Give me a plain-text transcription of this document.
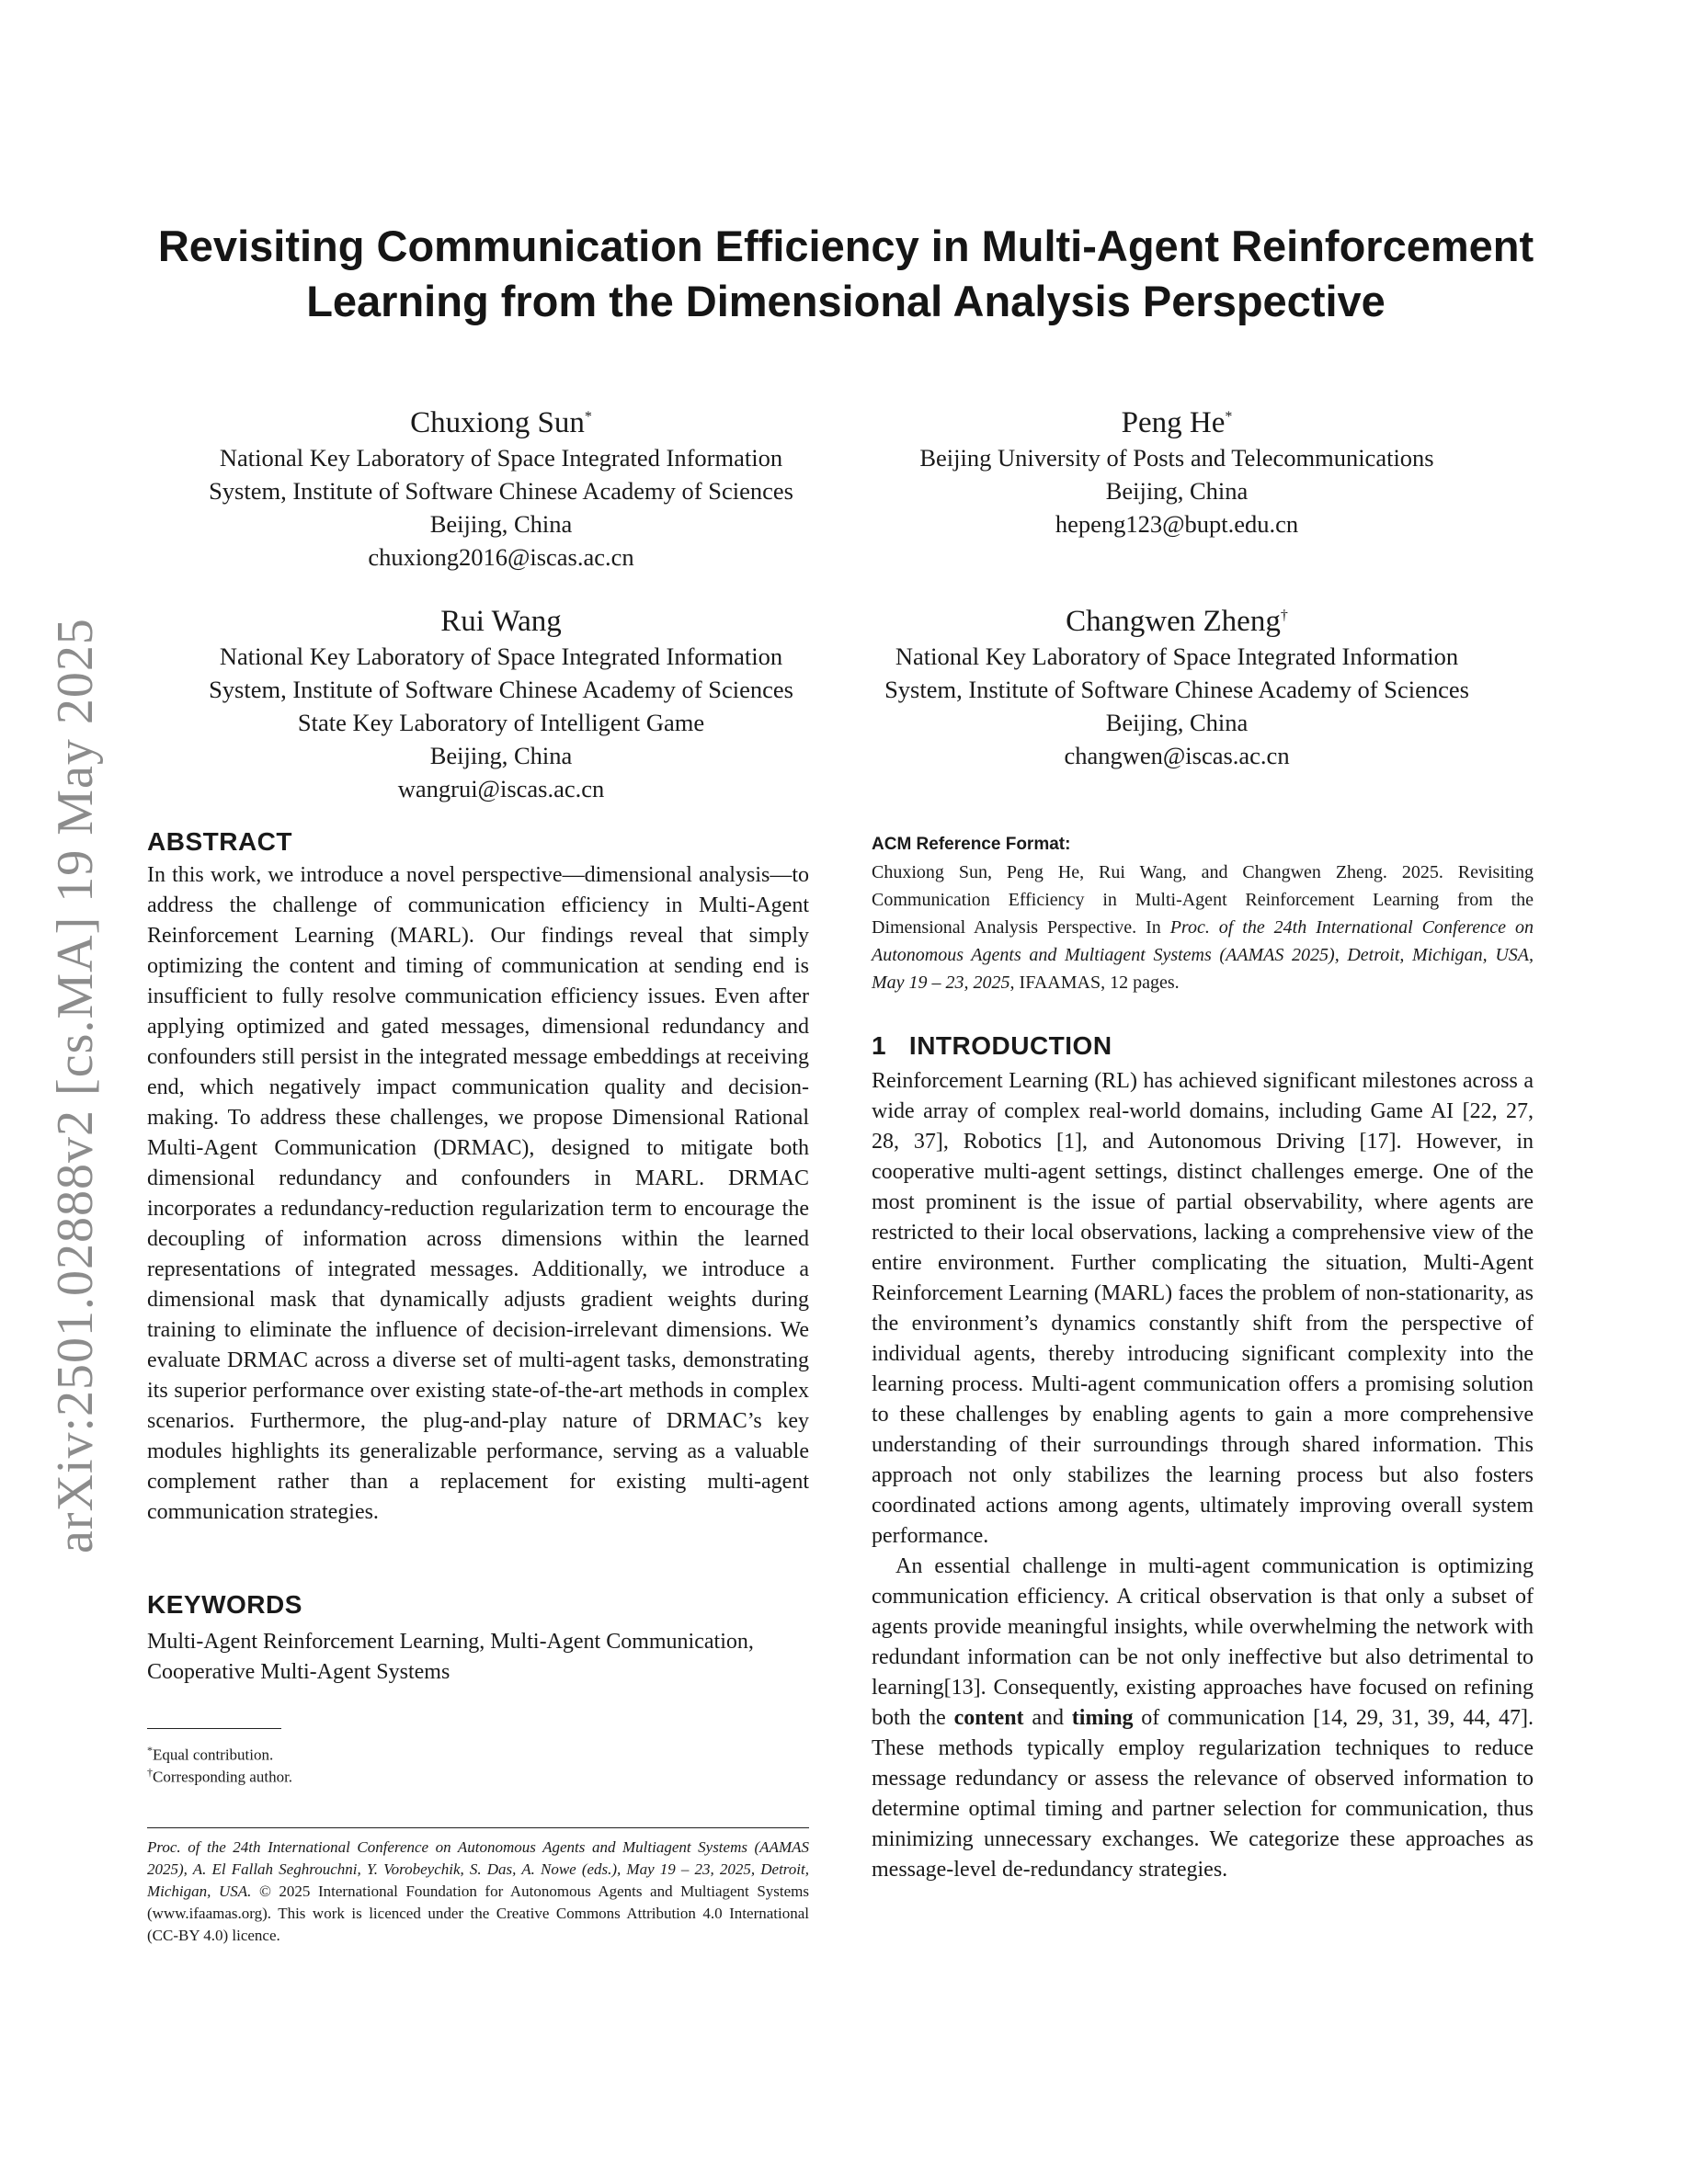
arXiv:2501.02888v2 [cs.MA] 19 May 2025
Revisiting Communication Efficiency in Multi-Agent Reinforcement Learning from the Dimensional Analysis Perspective
Chuxiong Sun*
National Key Laboratory of Space Integrated Information
System, Institute of Software Chinese Academy of Sciences
Beijing, China
chuxiong2016@iscas.ac.cn
Peng He*
Beijing University of Posts and Telecommunications
Beijing, China
hepeng123@bupt.edu.cn
Rui Wang
National Key Laboratory of Space Integrated Information
System, Institute of Software Chinese Academy of Sciences
State Key Laboratory of Intelligent Game
Beijing, China
wangrui@iscas.ac.cn
Changwen Zheng†
National Key Laboratory of Space Integrated Information
System, Institute of Software Chinese Academy of Sciences
Beijing, China
changwen@iscas.ac.cn
ABSTRACT

In this work, we introduce a novel perspective—dimensional analysis—to address the challenge of communication efficiency in Multi-Agent Reinforcement Learning (MARL). Our findings reveal that simply optimizing the content and timing of communication at sending end is insufficient to fully resolve communication efficiency issues. Even after applying optimized and gated messages, dimensional redundancy and confounders still persist in the integrated message embeddings at receiving end, which negatively impact communication quality and decision-making. To address these challenges, we propose Dimensional Rational Multi-Agent Communication (DRMAC), designed to mitigate both dimensional redundancy and confounders in MARL. DRMAC incorporates a redundancy-reduction regularization term to encourage the decoupling of information across dimensions within the learned representations of integrated messages. Additionally, we introduce a dimensional mask that dynamically adjusts gradient weights during training to eliminate the influence of decision-irrelevant dimensions. We evaluate DRMAC across a diverse set of multi-agent tasks, demonstrating its superior performance over existing state-of-the-art methods in complex scenarios. Furthermore, the plug-and-play nature of DRMAC’s key modules highlights its generalizable performance, serving as a valuable complement rather than a replacement for existing multi-agent communication strategies.

KEYWORDS

Multi-Agent Reinforcement Learning, Multi-Agent Communication, Cooperative Multi-Agent Systems

*Equal contribution.
†Corresponding author.
Proc. of the 24th International Conference on Autonomous Agents and Multiagent Systems (AAMAS 2025), A. El Fallah Seghrouchni, Y. Vorobeychik, S. Das, A. Nowe (eds.), May 19 – 23, 2025, Detroit, Michigan, USA. © 2025 International Foundation for Autonomous Agents and Multiagent Systems (www.ifaamas.org). This work is licenced under the Creative Commons Attribution 4.0 International (CC-BY 4.0) licence.
ACM Reference Format:

Chuxiong Sun, Peng He, Rui Wang, and Changwen Zheng. 2025. Revisiting Communication Efficiency in Multi-Agent Reinforcement Learning from the Dimensional Analysis Perspective. In Proc. of the 24th International Conference on Autonomous Agents and Multiagent Systems (AAMAS 2025), Detroit, Michigan, USA, May 19 – 23, 2025, IFAAMAS, 12 pages.

1   INTRODUCTION

Reinforcement Learning (RL) has achieved significant milestones across a wide array of complex real-world domains, including Game AI [22, 27, 28, 37], Robotics [1], and Autonomous Driving [17]. However, in cooperative multi-agent settings, distinct challenges emerge. One of the most prominent is the issue of partial observability, where agents are restricted to their local observations, lacking a comprehensive view of the entire environment. Further complicating the situation, Multi-Agent Reinforcement Learning (MARL) faces the problem of non-stationarity, as the environment’s dynamics constantly shift from the perspective of individual agents, thereby introducing significant complexity into the learning process. Multi-agent communication offers a promising solution to these challenges by enabling agents to gain a more comprehensive understanding of their surroundings through shared information. This approach not only stabilizes the learning process but also fosters coordinated actions among agents, ultimately improving overall system performance.

An essential challenge in multi-agent communication is optimizing communication efficiency. A critical observation is that only a subset of agents provide meaningful insights, while overwhelming the network with redundant information can be not only ineffective but also detrimental to learning[13]. Consequently, existing approaches have focused on refining both the content and timing of communication [14, 29, 31, 39, 44, 47]. These methods typically employ regularization techniques to reduce message redundancy or assess the relevance of observed information to determine optimal timing and partner selection for communication, thus minimizing unnecessary exchanges. We categorize these approaches as message-level de-redundancy strategies.
